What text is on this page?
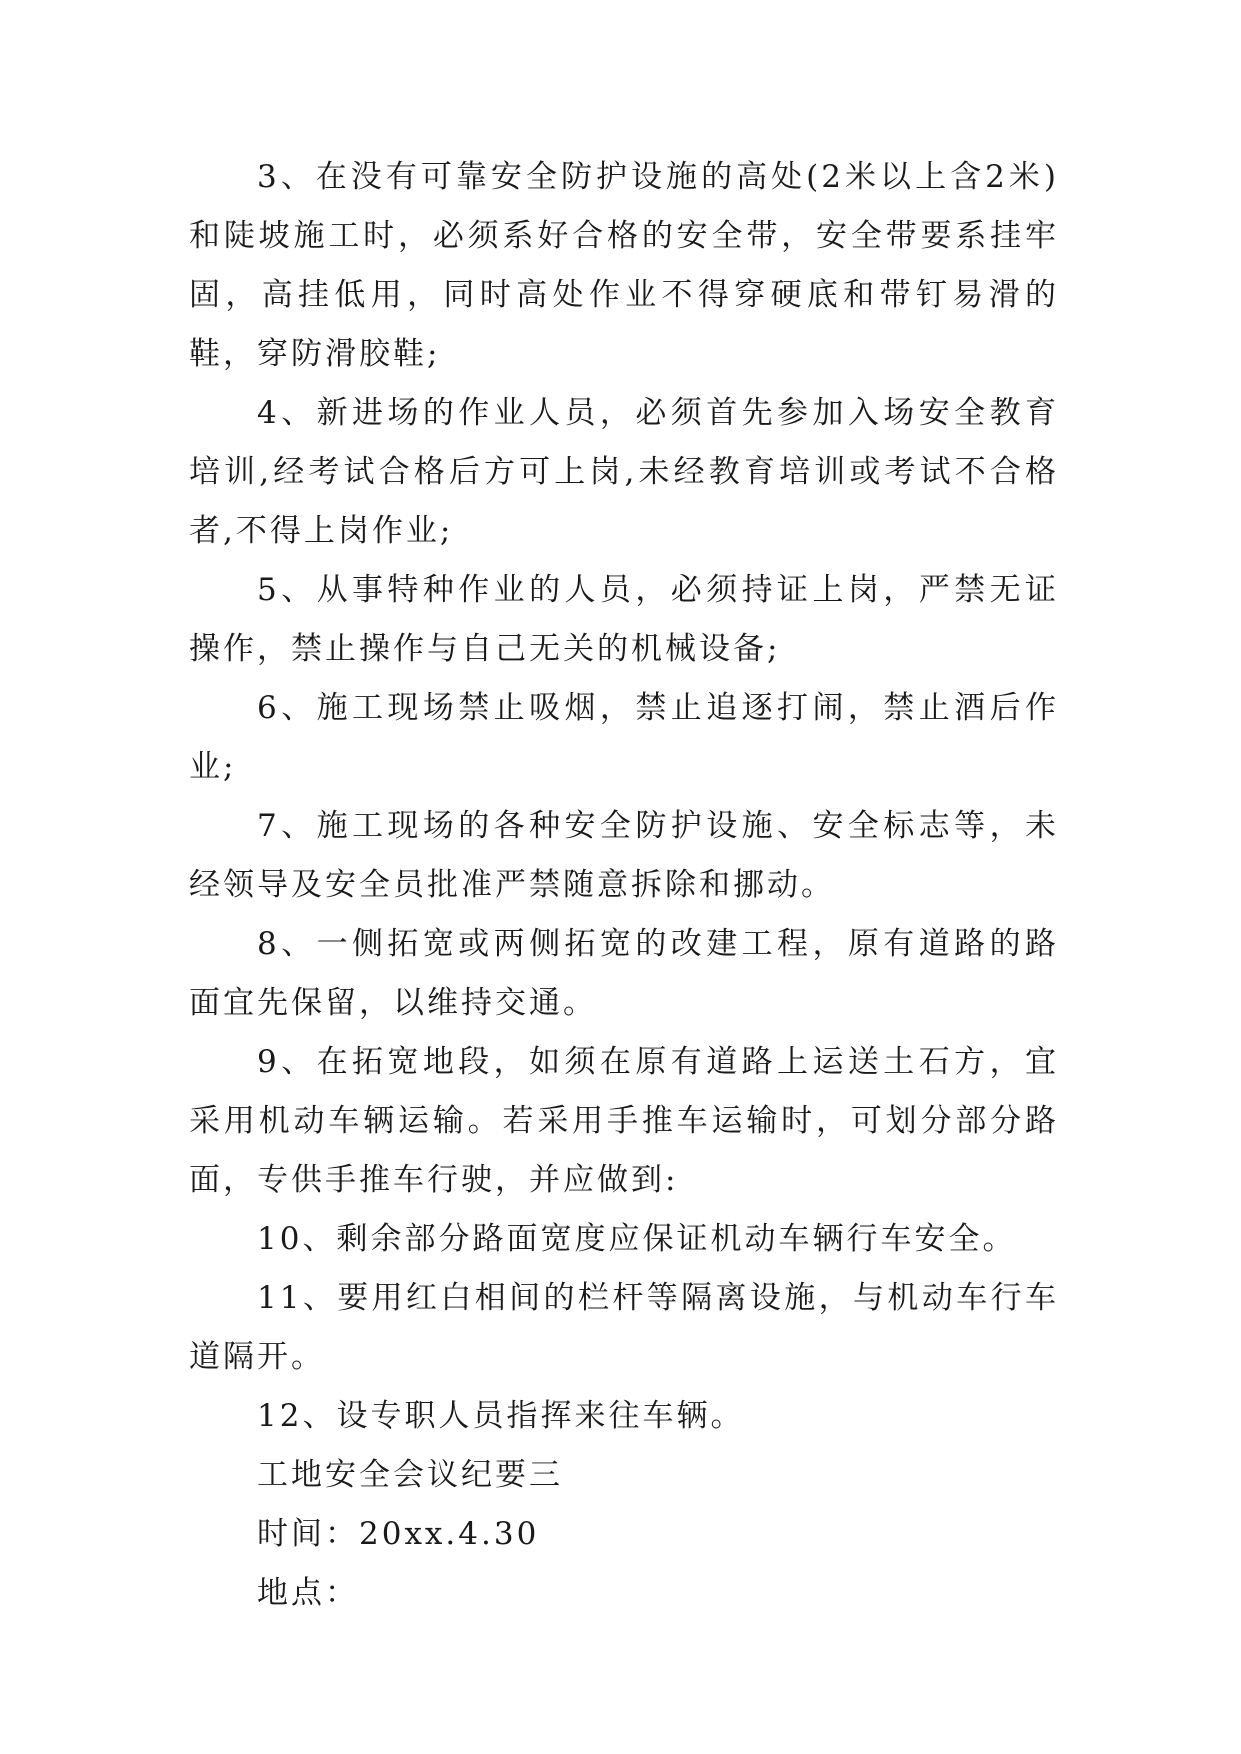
3、在没有可靠安全防护设施的高处(2米以上含2米)和陡坡施工时，必须系好合格的安全带，安全带要系挂牢固，高挂低用，同时高处作业不得穿硬底和带钉易滑的鞋，穿防滑胶鞋;

4、新进场的作业人员，必须首先参加入场安全教育培训,经考试合格后方可上岗,未经教育培训或考试不合格者,不得上岗作业;

5、从事特种作业的人员，必须持证上岗，严禁无证操作，禁止操作与自己无关的机械设备;

6、施工现场禁止吸烟，禁止追逐打闹，禁止酒后作业;

7、施工现场的各种安全防护设施、安全标志等，未经领导及安全员批准严禁随意拆除和挪动。

8、一侧拓宽或两侧拓宽的改建工程，原有道路的路面宜先保留，以维持交通。

9、在拓宽地段，如须在原有道路上运送土石方，宜采用机动车辆运输。若采用手推车运输时，可划分部分路面，专供手推车行驶，并应做到:

10、剩余部分路面宽度应保证机动车辆行车安全。

11、要用红白相间的栏杆等隔离设施，与机动车行车道隔开。

12、设专职人员指挥来往车辆。

工地安全会议纪要三

时间：20xx.4.30

地点：
